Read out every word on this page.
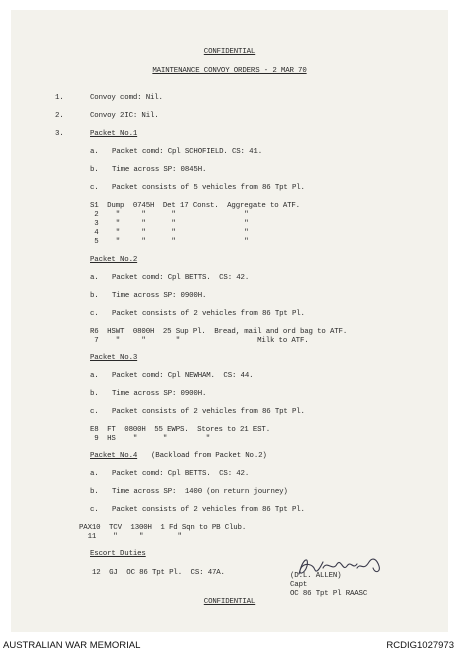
CONFIDENTIAL
MAINTENANCE CONVOY ORDERS - 2 MAR 70
1.	Convoy comd: Nil.
2.	Convoy 2IC: Nil.
3.	Packet No.1
a. Packet comd: Cpl SCHOFIELD. CS: 41.
b. Time across SP: 0845H.
c. Packet consists of 5 vehicles from 86 Tpt Pl.
S1  Dump  0745H  Det 17 Const.  Aggregate to ATF.
2    "     "      "                "
3    "     "      "                "
4    "     "      "                "
5    "     "      "                "
Packet No.2
a. Packet comd: Cpl BETTS.  CS: 42.
b. Time across SP: 0900H.
c. Packet consists of 2 vehicles from 86 Tpt Pl.
R6  HSWT  0800H  25 Sup Pl.  Bread, mail and ord bag to ATF.
7    "     "       "                  Milk to ATF.
Packet No.3
a. Packet comd: Cpl NEWHAM.  CS: 44.
b. Time across SP: 0900H.
c. Packet consists of 2 vehicles from 86 Tpt Pl.
E8  FT  0800H  55 EWPS.  Stores to 21 EST.
9  HS    "      "         "
Packet No.4 (Backload from Packet No.2)
a. Packet comd: Cpl BETTS.  CS: 42.
b. Time across SP:  1400 (on return journey)
c. Packet consists of 2 vehicles from 86 Tpt Pl.
PAX10  TCV  1300H  1 Fd Sqn to PB Club.
11    "     "        "
Escort Duties
12  GJ  OC 86 Tpt Pl.  CS: 47A.	(D.L. ALLEN)
Capt
OC 86 Tpt Pl RAASC
CONFIDENTIAL
AUSTRALIAN WAR MEMORIAL	RCDIG1027973
